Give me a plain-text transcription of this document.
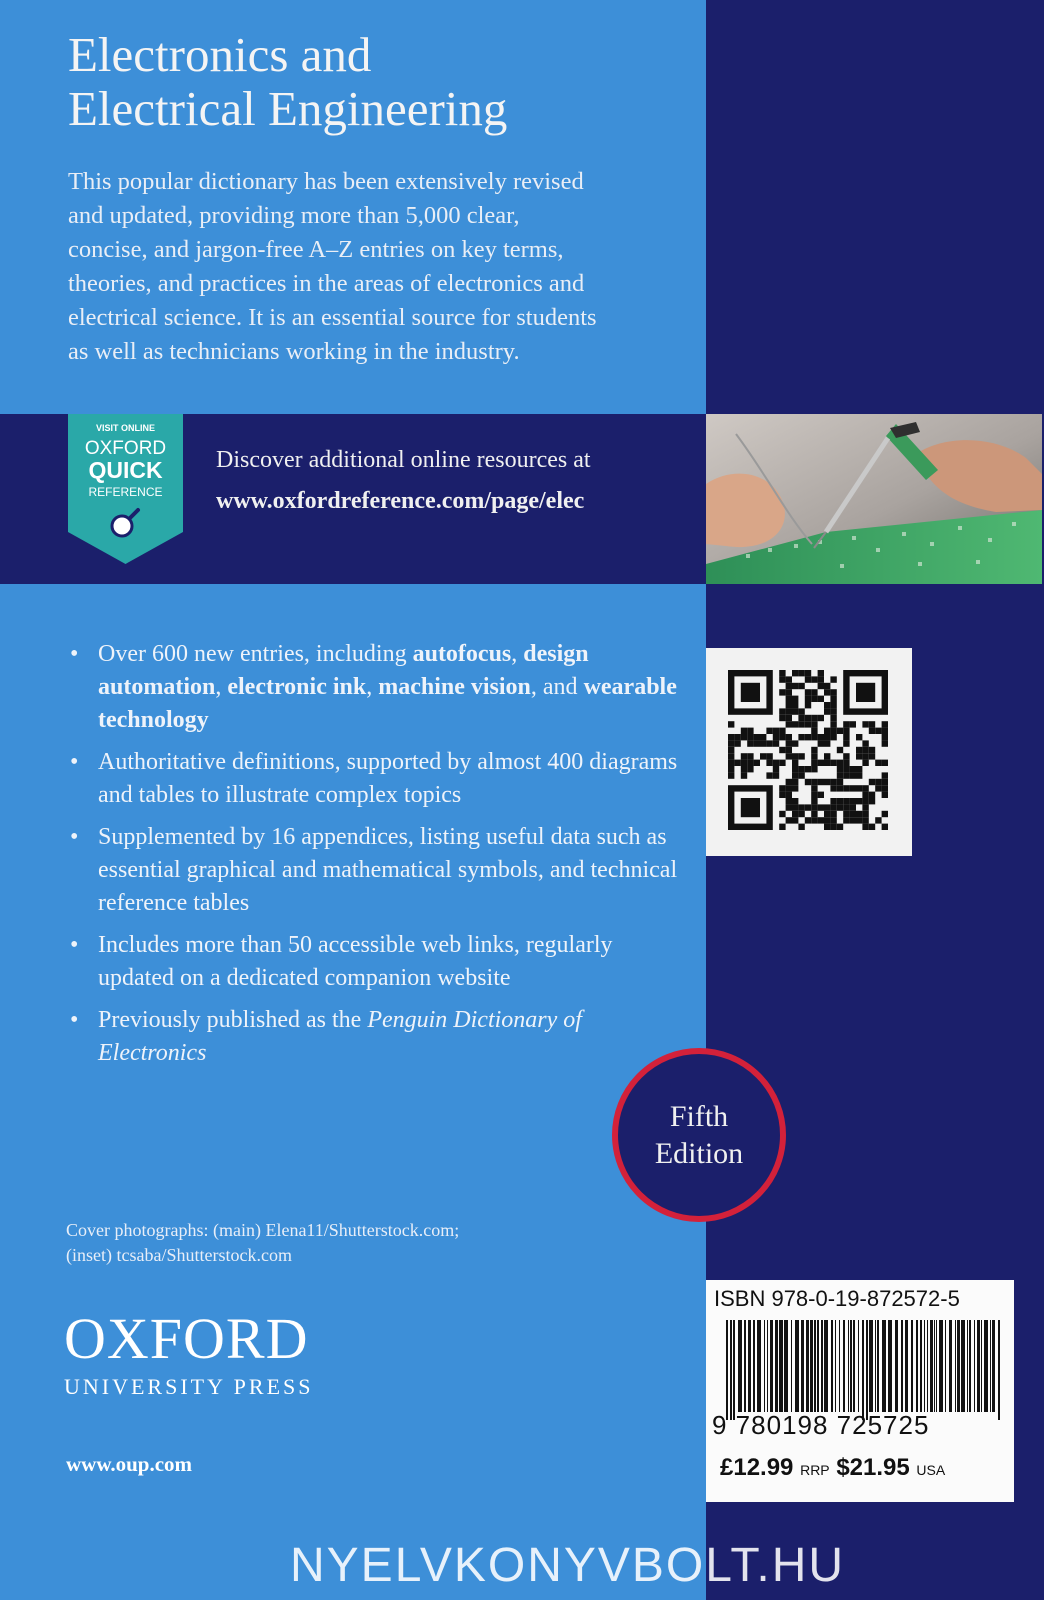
Electronics and
Electrical Engineering
This popular dictionary has been extensively revised
and updated, providing more than 5,000 clear,
concise, and jargon-free A–Z entries on key terms,
theories, and practices in the areas of electronics and
electrical science. It is an essential source for students
as well as technicians working in the industry.
VISIT ONLINE
OXFORD
QUICK
REFERENCE
Discover additional online resources at
www.oxfordreference.com/page/elec
• Over 600 new entries, including autofocus, design automation, electronic ink, machine vision, and wearable technology
• Authoritative definitions, supported by almost 400 diagrams and tables to illustrate complex topics
• Supplemented by 16 appendices, listing useful data such as essential graphical and mathematical symbols, and technical reference tables
• Includes more than 50 accessible web links, regularly updated on a dedicated companion website
• Previously published as the Penguin Dictionary of Electronics
Fifth
Edition
Cover photographs: (main) Elena11/Shutterstock.com;
(inset) tcsaba/Shutterstock.com
OXFORD
UNIVERSITY PRESS
www.oup.com
ISBN 978-0-19-872572-5
9 780198 725725
£12.99 RRP $21.95 USA
NYELVKONYVBOLT.HU
